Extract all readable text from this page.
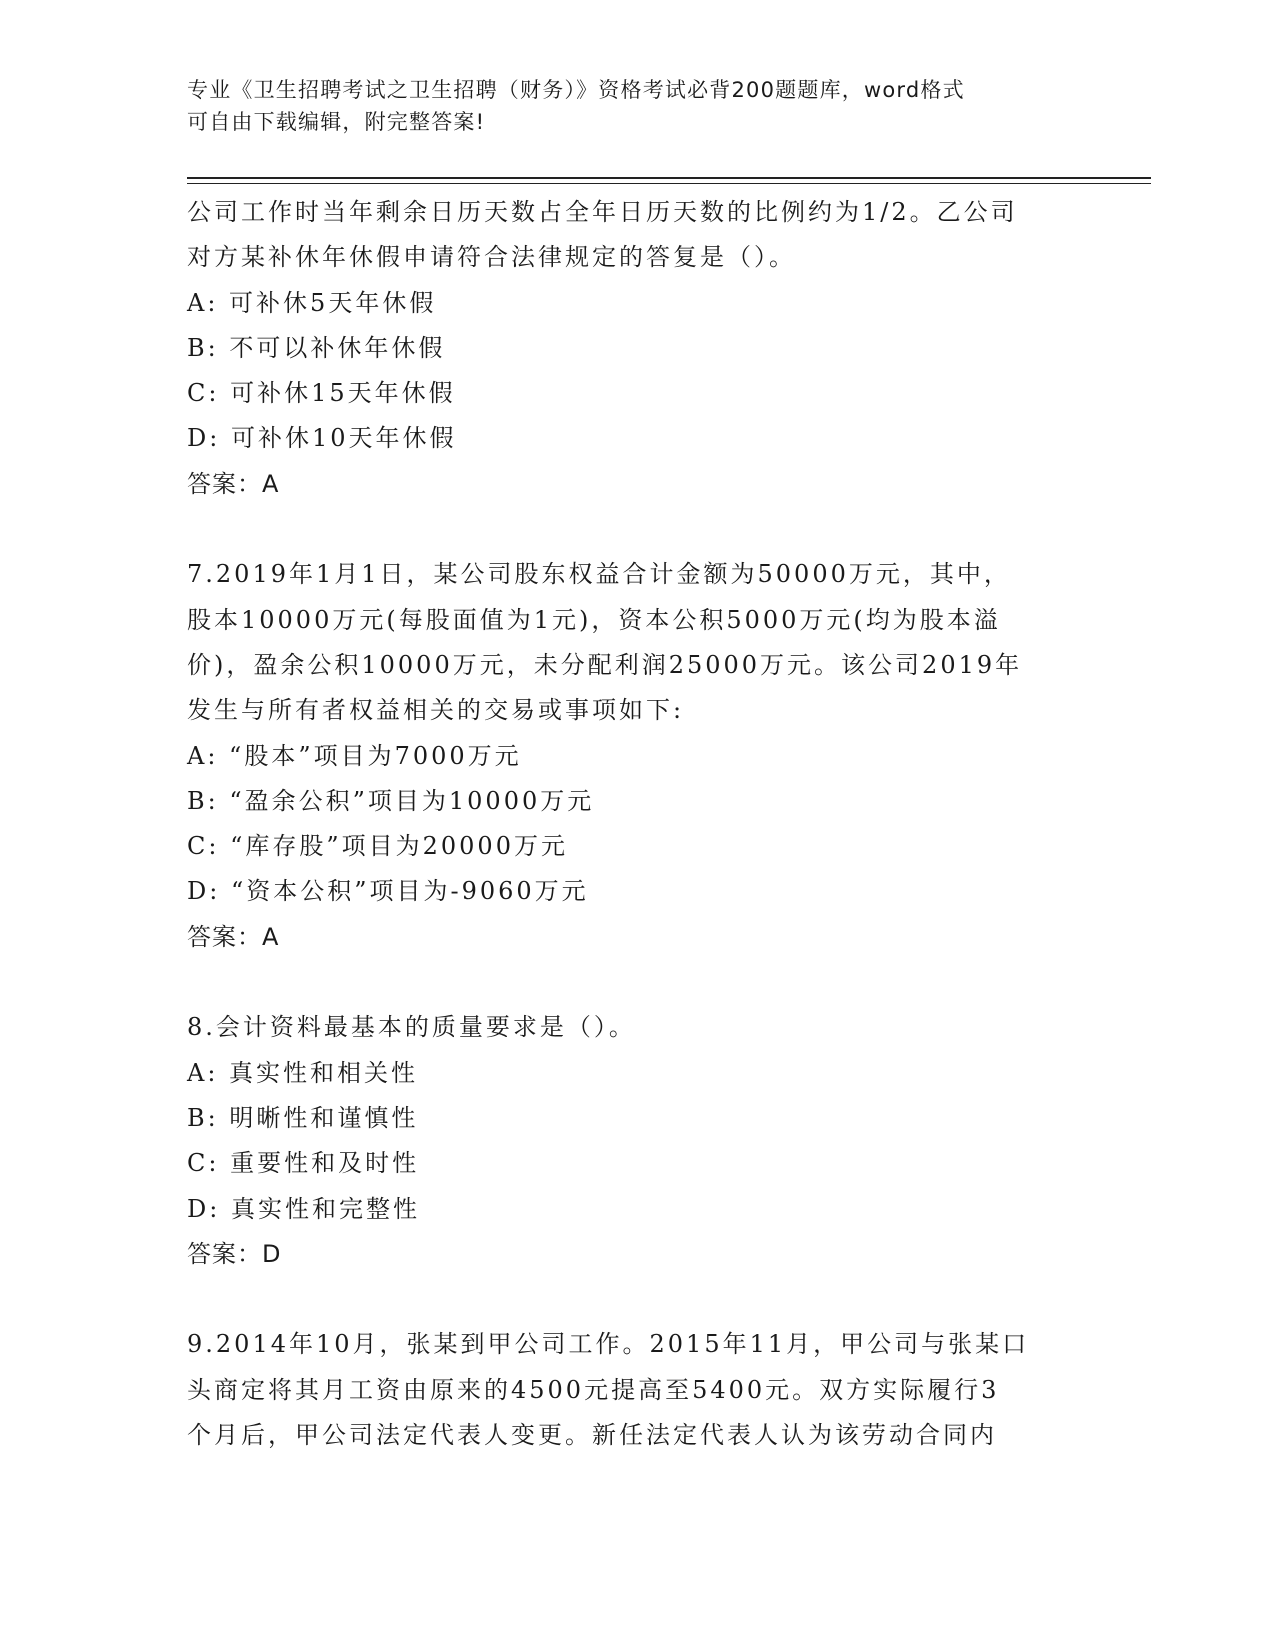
专业《卫生招聘考试之卫生招聘（财务）》资格考试必背200题题库，word格式
可自由下载编辑，附完整答案!
公司工作时当年剩余日历天数占全年日历天数的比例约为1/2。乙公司
对方某补休年休假申请符合法律规定的答复是（）。
A: 可补休5天年休假
B: 不可以补休年休假
C: 可补休15天年休假
D: 可补休10天年休假
答案：A
7.2019年1月1日，某公司股东权益合计金额为50000万元，其中，
股本10000万元(每股面值为1元)，资本公积5000万元(均为股本溢
价)，盈余公积10000万元，未分配利润25000万元。该公司2019年
发生与所有者权益相关的交易或事项如下:
A: “股本”项目为7000万元
B: “盈余公积”项目为10000万元
C: “库存股”项目为20000万元
D: “资本公积”项目为-9060万元
答案：A
8.会计资料最基本的质量要求是（）。
A: 真实性和相关性
B: 明晰性和谨慎性
C: 重要性和及时性
D: 真实性和完整性
答案：D
9.2014年10月，张某到甲公司工作。2015年11月，甲公司与张某口
头商定将其月工资由原来的4500元提高至5400元。双方实际履行3
个月后，甲公司法定代表人变更。新任法定代表人认为该劳动合同内
